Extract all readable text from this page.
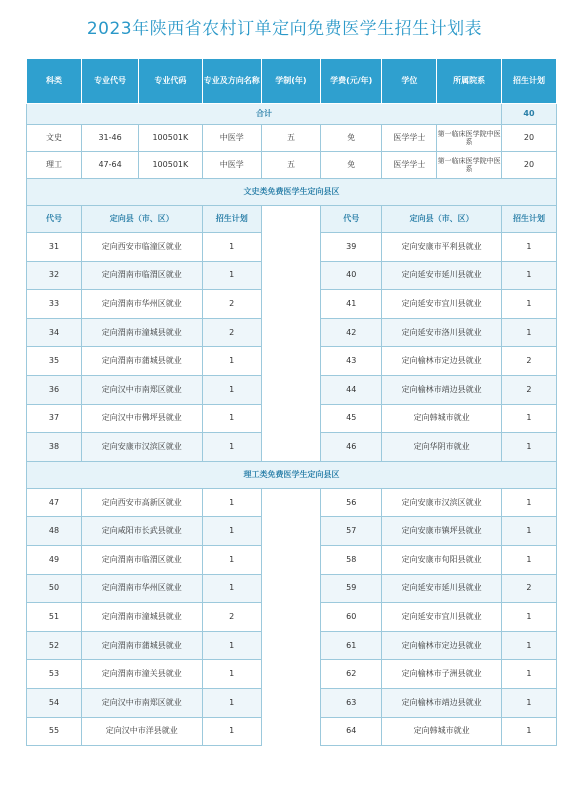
2023年陕西省农村订单定向免费医学生招生计划表
科类	专业代号	专业代码	专业及方向名称	学制(年)	学费(元/年)	学位	所属院系	招生计划
合计								40
文史	31-46	100501K	中医学	五	免	医学学士	第一临床医学院中医系	20
理工	47-64	100501K	中医学	五	免	医学学士	第一临床医学院中医系	20
文史类免费医学生定向县区								
代号	定向县（市、区）		招生计划		代号	定向县（市、区）		招生计划
31	定向西安市临潼区就业		1		39	定向安康市平利县就业		1
32	定向渭南市临渭区就业		1		40	定向延安市延川县就业		1
33	定向渭南市华州区就业		2		41	定向延安市宜川县就业		1
34	定向渭南市潼城县就业		2		42	定向延安市洛川县就业		1
35	定向渭南市蒲城县就业		1		43	定向榆林市定边县就业		2
36	定向汉中市南郑区就业		1		44	定向榆林市靖边县就业		2
37	定向汉中市佛坪县就业		1		45	定向韩城市就业		1
38	定向安康市汉滨区就业		1		46	定向华阴市就业		1
理工类免费医学生定向县区								
47	定向西安市高新区就业		1		56	定向安康市汉滨区就业		1
48	定向咸阳市长武县就业		1		57	定向安康市镇坪县就业		1
49	定向渭南市临渭区就业		1		58	定向安康市旬阳县就业		1
50	定向渭南市华州区就业		1		59	定向延安市延川县就业		2
51	定向渭南市潼城县就业		2		60	定向延安市宜川县就业		1
52	定向渭南市蒲城县就业		1		61	定向榆林市定边县就业		1
53	定向渭南市潼关县就业		1		62	定向榆林市子洲县就业		1
54	定向汉中市南郑区就业		1		63	定向榆林市靖边县就业		1
55	定向汉中市洋县就业		1		64	定向韩城市就业		1
